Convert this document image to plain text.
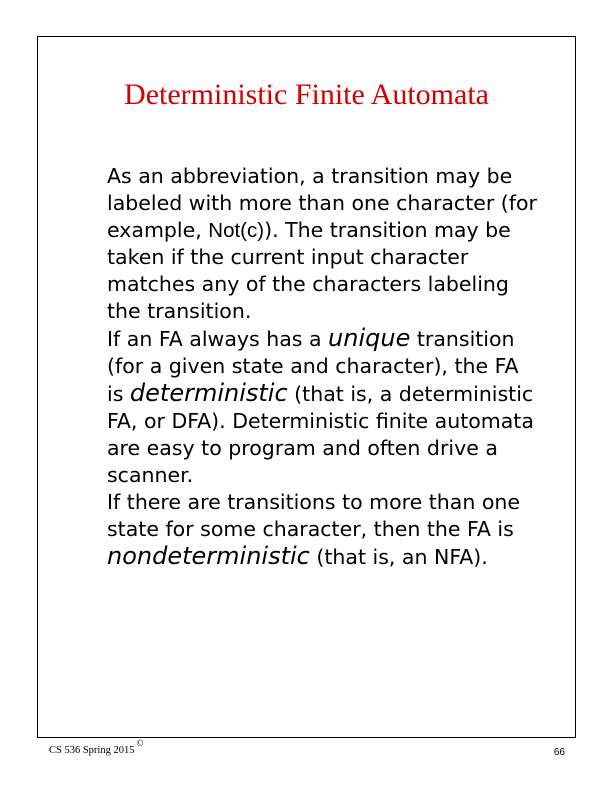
Deterministic Finite Automata

As an abbreviation, a transition may be labeled with more than one character (for example, Not(c)). The transition may be taken if the current input character matches any of the characters labeling the transition.

If an FA always has a unique transition (for a given state and character), the FA is deterministic (that is, a deterministic FA, or DFA). Deterministic finite automata are easy to program and often drive a scanner.

If there are transitions to more than one state for some character, then the FA is nondeterministic (that is, an NFA).

CS 536 Spring 2015©
66
